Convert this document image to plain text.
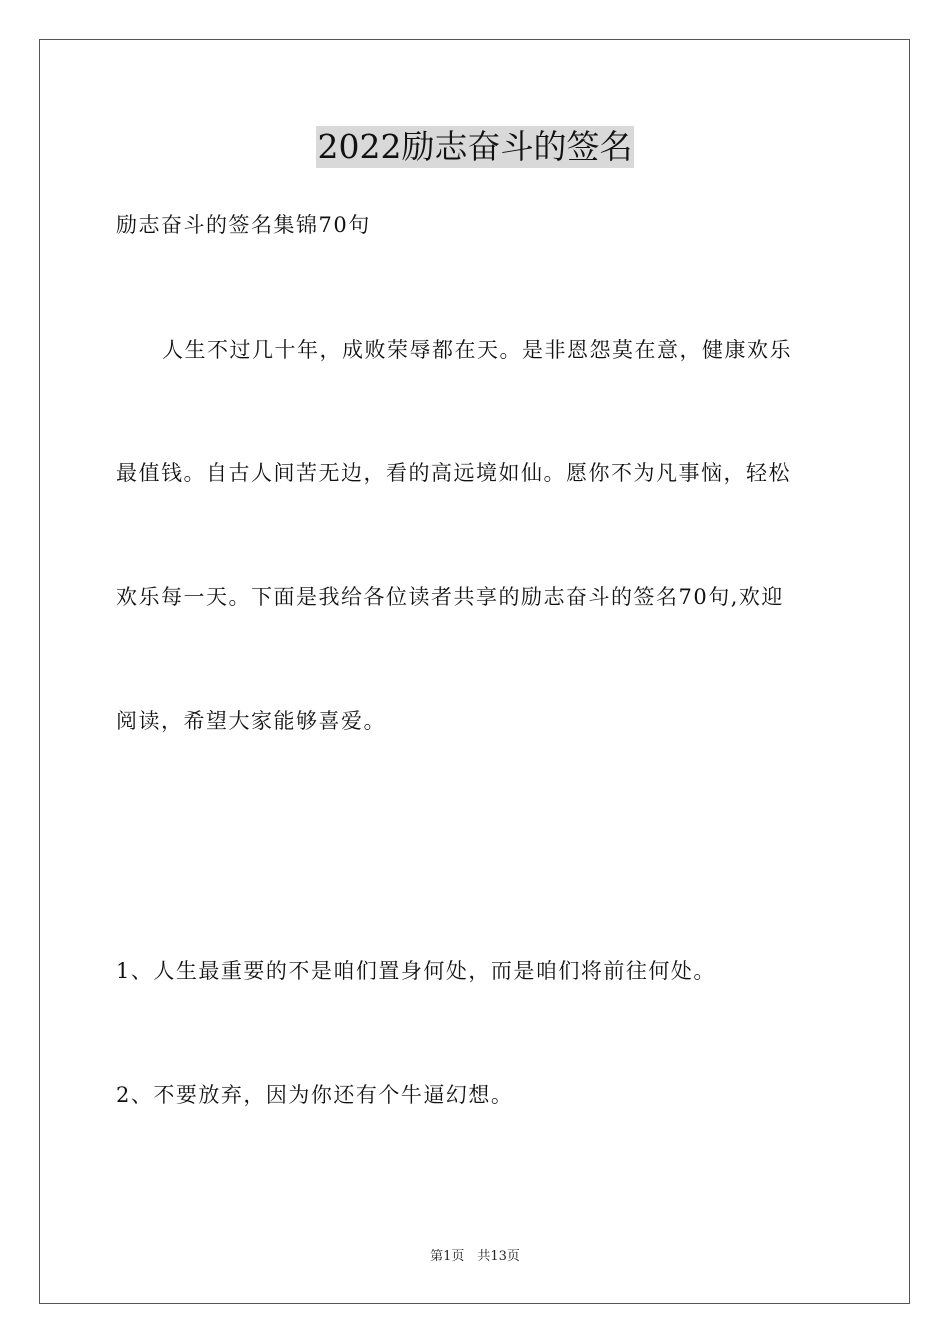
2022励志奋斗的签名
励志奋斗的签名集锦70句
人生不过几十年，成败荣辱都在天。是非恩怨莫在意，健康欢乐
最值钱。自古人间苦无边，看的高远境如仙。愿你不为凡事恼，轻松
欢乐每一天。下面是我给各位读者共享的励志奋斗的签名70句,欢迎
阅读，希望大家能够喜爱。
1、人生最重要的不是咱们置身何处，而是咱们将前往何处。
2、不要放弃，因为你还有个牛逼幻想。
第1页　共13页
